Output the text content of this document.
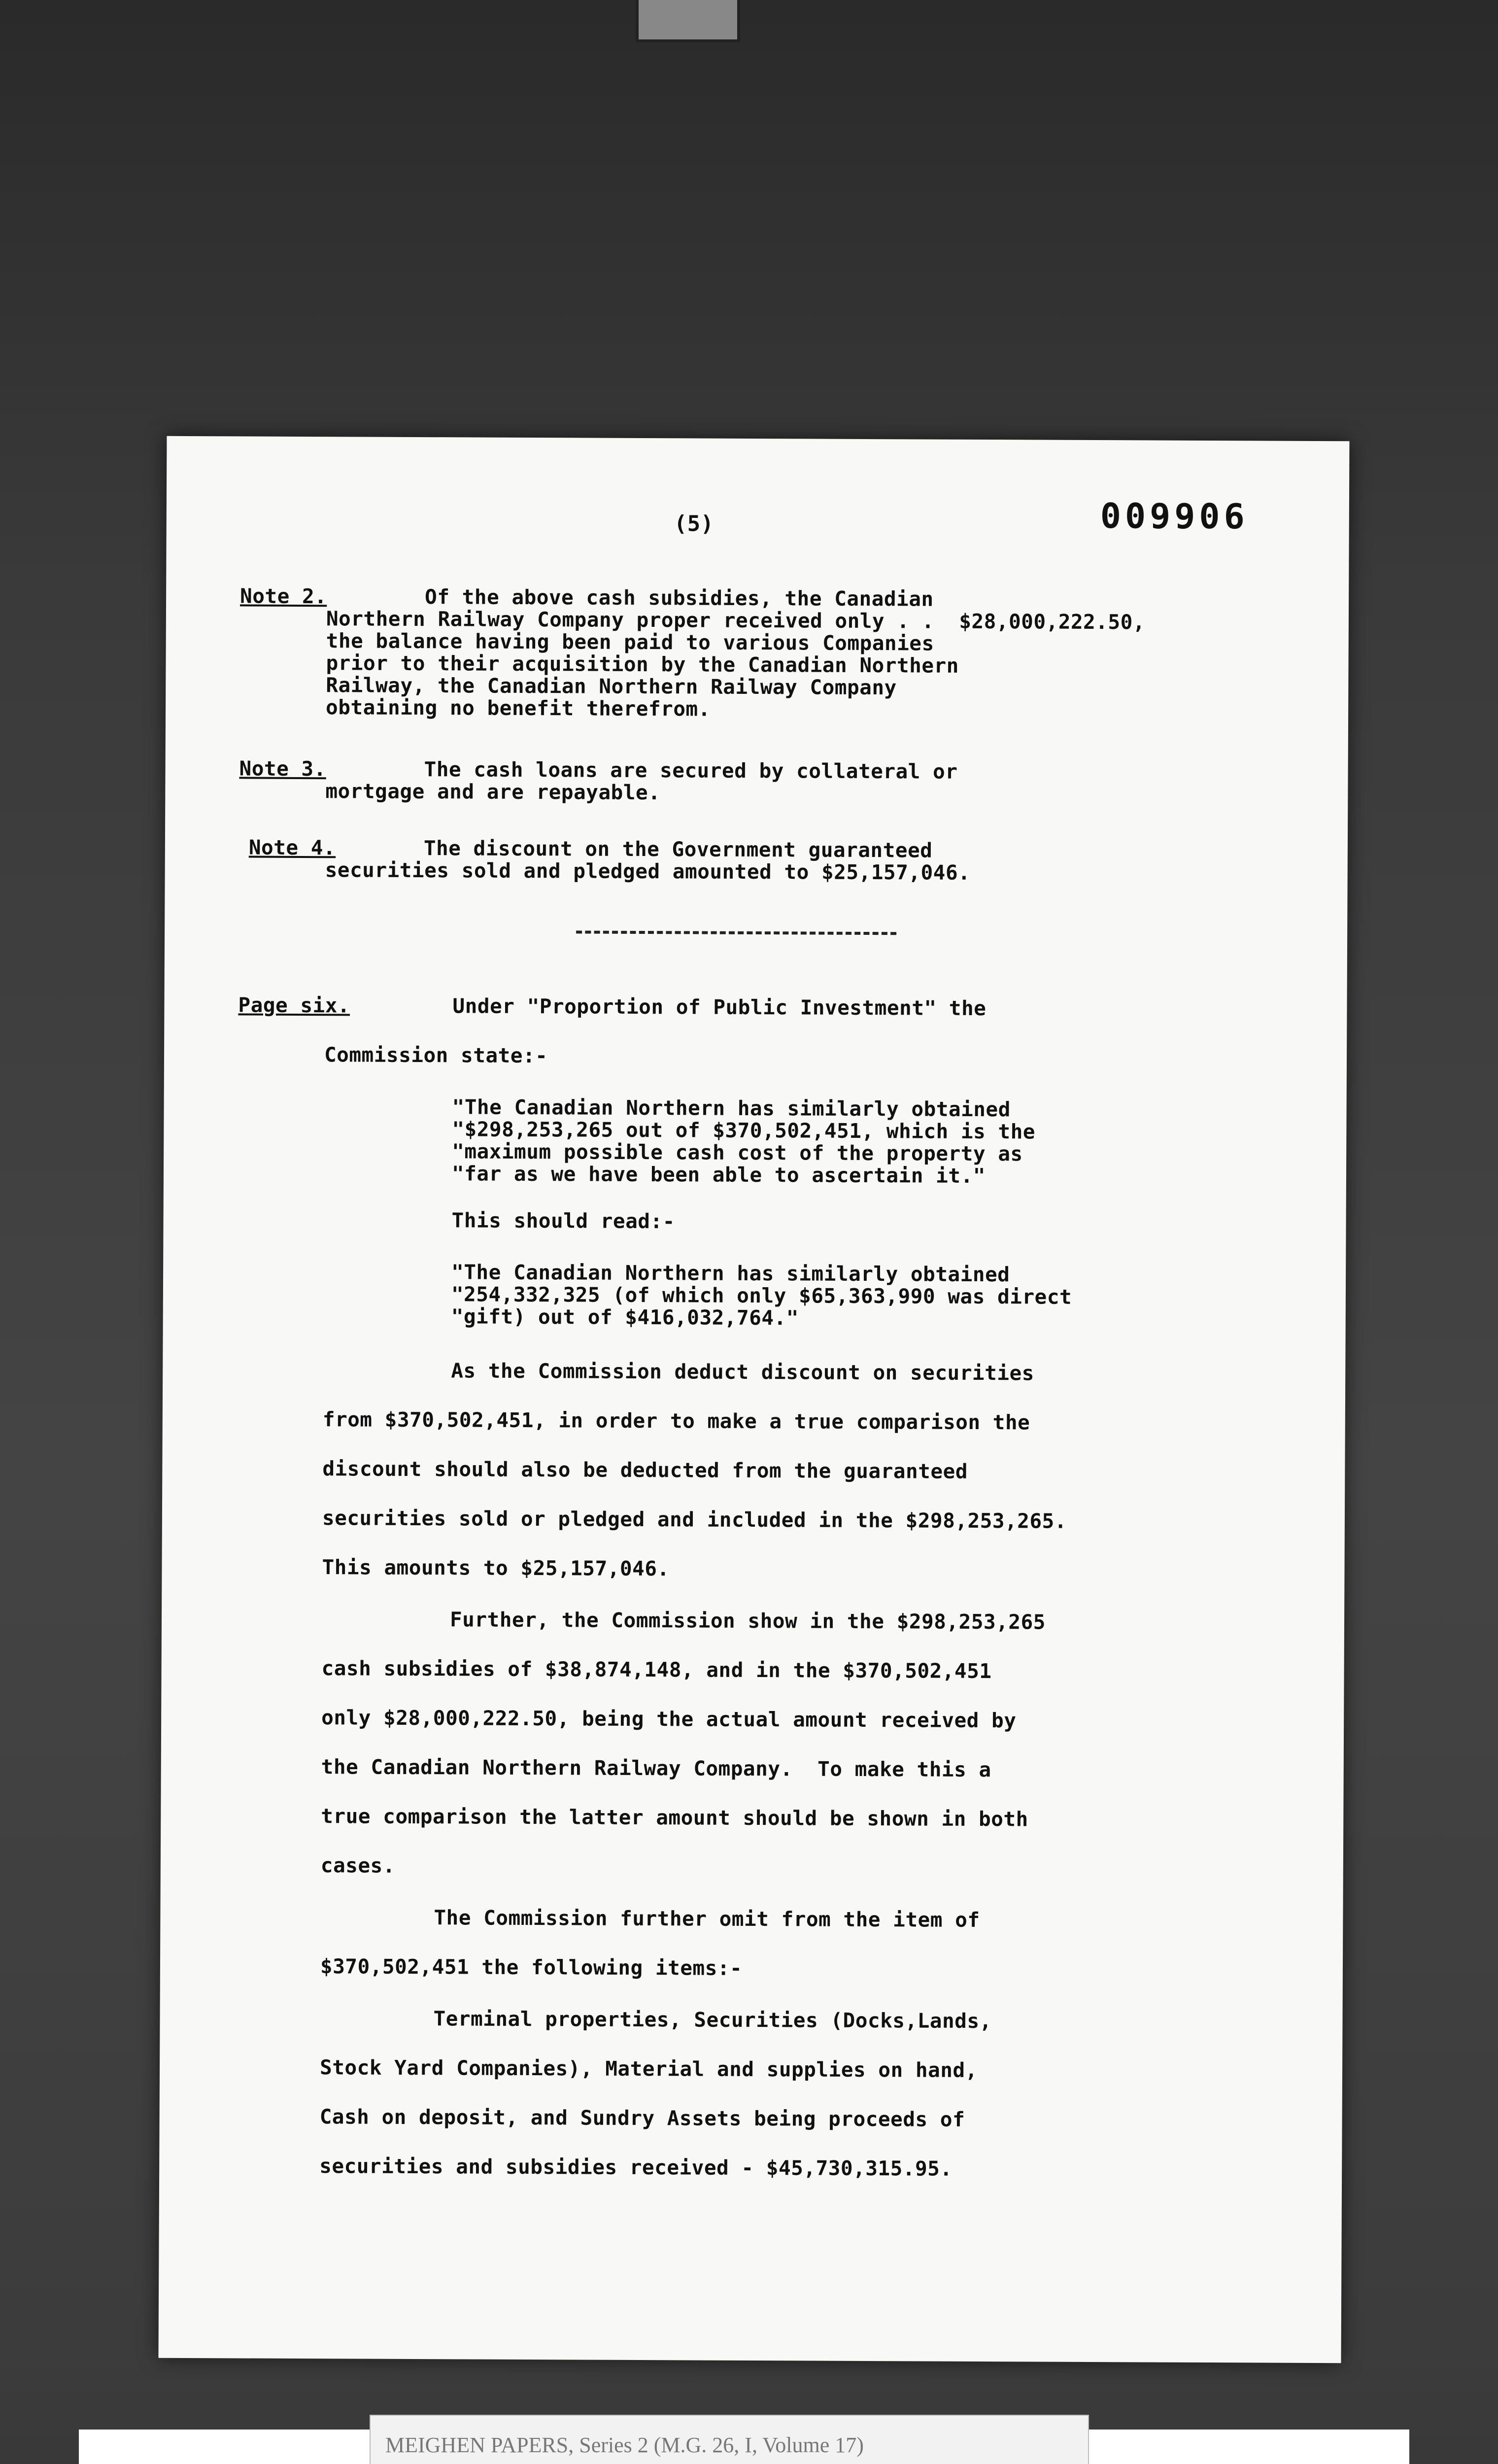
(5)	009906

Note 2.	Of the above cash subsidies, the Canadian

Northern Railway Company proper received only . .  $28,000,222.50,

the balance having been paid to various Companies

prior to their acquisition by the Canadian Northern

Railway, the Canadian Northern Railway Company

obtaining no benefit therefrom.

Note 3.	The cash loans are secured by collateral or

mortgage and are repayable.

Note 4.	The discount on the Government guaranteed

securities sold and pledged amounted to $25,157,046.

Page six.	Under "Proportion of Public Investment" the

Commission state:-

"The Canadian Northern has similarly obtained

"$298,253,265 out of $370,502,451, which is the

"maximum possible cash cost of the property as

"far as we have been able to ascertain it."

This should read:-

"The Canadian Northern has similarly obtained

"254,332,325 (of which only $65,363,990 was direct

"gift) out of $416,032,764."

As the Commission deduct discount on securities

from $370,502,451, in order to make a true comparison the

discount should also be deducted from the guaranteed

securities sold or pledged and included in the $298,253,265.

This amounts to $25,157,046.

Further, the Commission show in the $298,253,265

cash subsidies of $38,874,148, and in the $370,502,451

only $28,000,222.50, being the actual amount received by

the Canadian Northern Railway Company.  To make this a

true comparison the latter amount should be shown in both

cases.

The Commission further omit from the item of

$370,502,451 the following items:-

Terminal properties, Securities (Docks,Lands,

Stock Yard Companies), Material and supplies on hand,

Cash on deposit, and Sundry Assets being proceeds of

securities and subsidies received - $45,730,315.95.

MEIGHEN PAPERS, Series 2 (M.G. 26, I, Volume 17)
